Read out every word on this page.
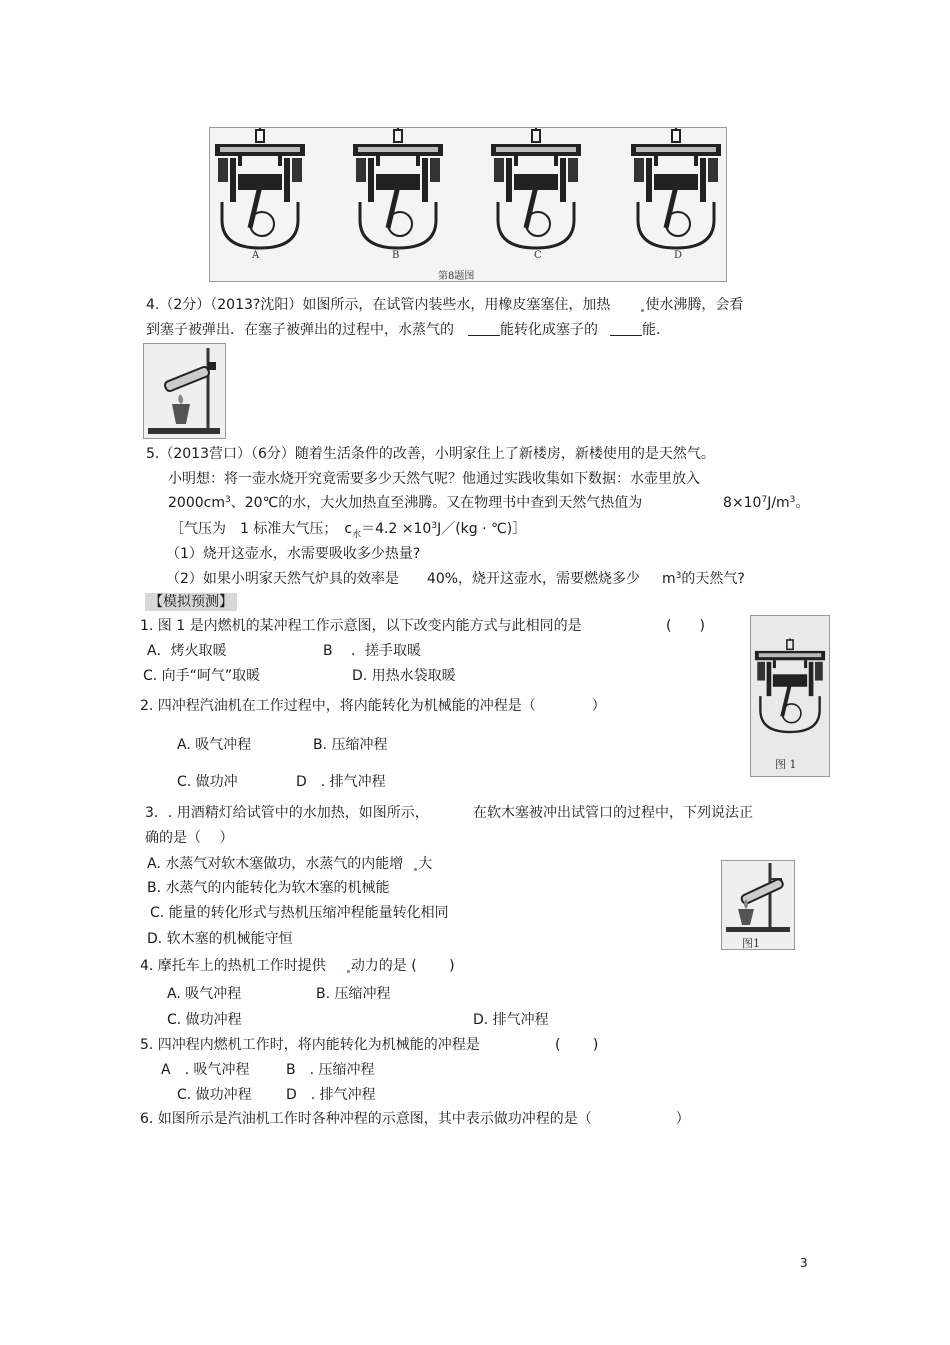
A	B	C	D
第8题图
4.（2分）（2013?沈阳）如图所示，在试管内装些水，用橡皮塞塞住，加热	使水沸腾，会看
到塞子被弹出．在塞子被弹出的过程中，水蒸气的	能转化成塞子的	能．
5.（2013营口）（6分）随着生活条件的改善，小明家住上了新楼房，新楼使用的是天然气。
小明想：将一壶水烧开究竟需要多少天然气呢？他通过实践收集如下数据：水壶里放入
$2000cm^3$、20℃的水，大火加热直至沸腾。又在物理书中查到天然气热值为	$8\times 10^7J/m^3$。
［气压为　1 标准大气压；　$c_水=4.2$ $\times 10^3J/(kg$ · ℃)］
（1）烧开这壶水，水需要吸收多少热量?
（2）如果小明家天然气炉具的效率是　　40%，烧开这壶水，需要燃烧多少 $m^3$的天然气?
【模拟预测】
1. 图 1 是内燃机的某冲程工作示意图，以下改变内能方式与此相同的是	(　　)
A．烤火取暖	B　 ．搓手取暖
C. 向手“呵气”取暖	D. 用热水袋取暖
图 1
2. 四冲程汽油机在工作过程中，将内能转化为机械能的冲程是（　　　　）
A. 吸气冲程	B. 压缩冲程
C. 做功冲	D　. 排气冲程
3．. 用酒精灯给试管中的水加热，如图所示，	在软木塞被冲出试管口的过程中，下列说法正
确的是（　 ）
A. 水蒸气对软木塞做功，水蒸气的内能增 大
B. 水蒸气的内能转化为软木塞的机械能
C. 能量的转化形式与热机压缩冲程能量转化相同
D. 软木塞的机械能守恒	图1
4. 摩托车上的热机工作时提供 动力的是 (　　 )
A. 吸气冲程	B. 压缩冲程
C. 做功冲程	D. 排气冲程
5. 四冲程内燃机工作时，将内能转化为机械能的冲程是	(　　 )
A　. 吸气冲程	B　. 压缩冲程
C. 做功冲程 D　. 排气冲程
6. 如图所示是汽油机工作时各种冲程的示意图，其中表示做功冲程的是（　　　　　　）
3
